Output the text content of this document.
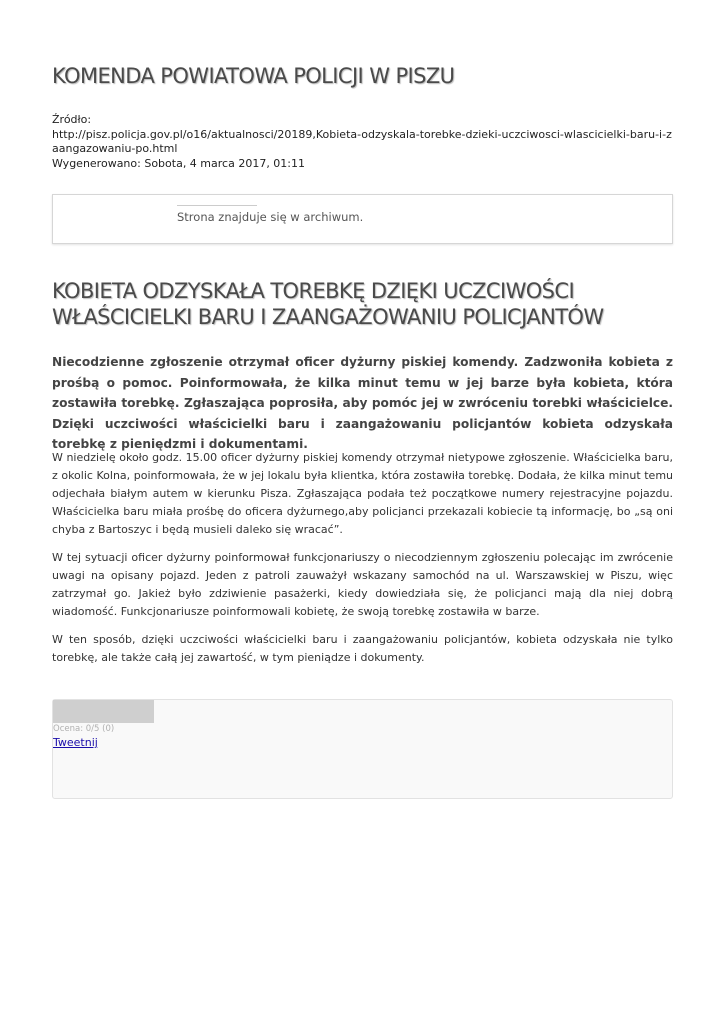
KOMENDA POWIATOWA POLICJI W PISZU
Źródło:
http://pisz.policja.gov.pl/o16/aktualnosci/20189,Kobieta-odzyskala-torebke-dzieki-uczciwosci-wlascicielki-baru-i-zaangazowaniu-po.html
Wygenerowano: Sobota, 4 marca 2017, 01:11
Strona znajduje się w archiwum.
KOBIETA ODZYSKAŁA TOREBKĘ DZIĘKI UCZCIWOŚCI WŁAŚCICIELKI BARU I ZAANGAŻOWANIU POLICJANTÓW

Niecodzienne zgłoszenie otrzymał oficer dyżurny piskiej komendy. Zadzwoniła kobieta z prośbą o pomoc. Poinformowała, że kilka minut temu w jej barze była kobieta, która zostawiła torebkę. Zgłaszająca poprosiła, aby pomóc jej w zwróceniu torebki właścicielce. Dzięki uczciwości właścicielki baru i zaangażowaniu policjantów kobieta odzyskała torebkę z pieniędzmi i dokumentami.

W niedzielę około godz. 15.00 oficer dyżurny piskiej komendy otrzymał nietypowe zgłoszenie. Właścicielka baru, z okolic Kolna, poinformowała, że w jej lokalu była klientka, która zostawiła torebkę. Dodała, że kilka minut temu odjechała białym autem w kierunku Pisza. Zgłaszająca podała też początkowe numery rejestracyjne pojazdu. Właścicielka baru miała prośbę do oficera dyżurnego,aby policjanci przekazali kobiecie tą informację, bo „są oni chyba z Bartoszyc i będą musieli daleko się wracać”.

W tej sytuacji oficer dyżurny poinformował funkcjonariuszy o niecodziennym zgłoszeniu polecając im zwrócenie uwagi na opisany pojazd. Jeden z patroli zauważył wskazany samochód na ul. Warszawskiej w Piszu, więc zatrzymał go. Jakież było zdziwienie pasażerki, kiedy dowiedziała się, że policjanci mają dla niej dobrą wiadomość. Funkcjonariusze poinformowali kobietę, że swoją torebkę zostawiła w barze.

W ten sposób, dzięki uczciwości właścicielki baru i zaangażowaniu policjantów, kobieta odzyskała nie tylko torebkę, ale także całą jej zawartość, w tym pieniądze i dokumenty.

Ocena: 0/5 (0)
Tweetnij
